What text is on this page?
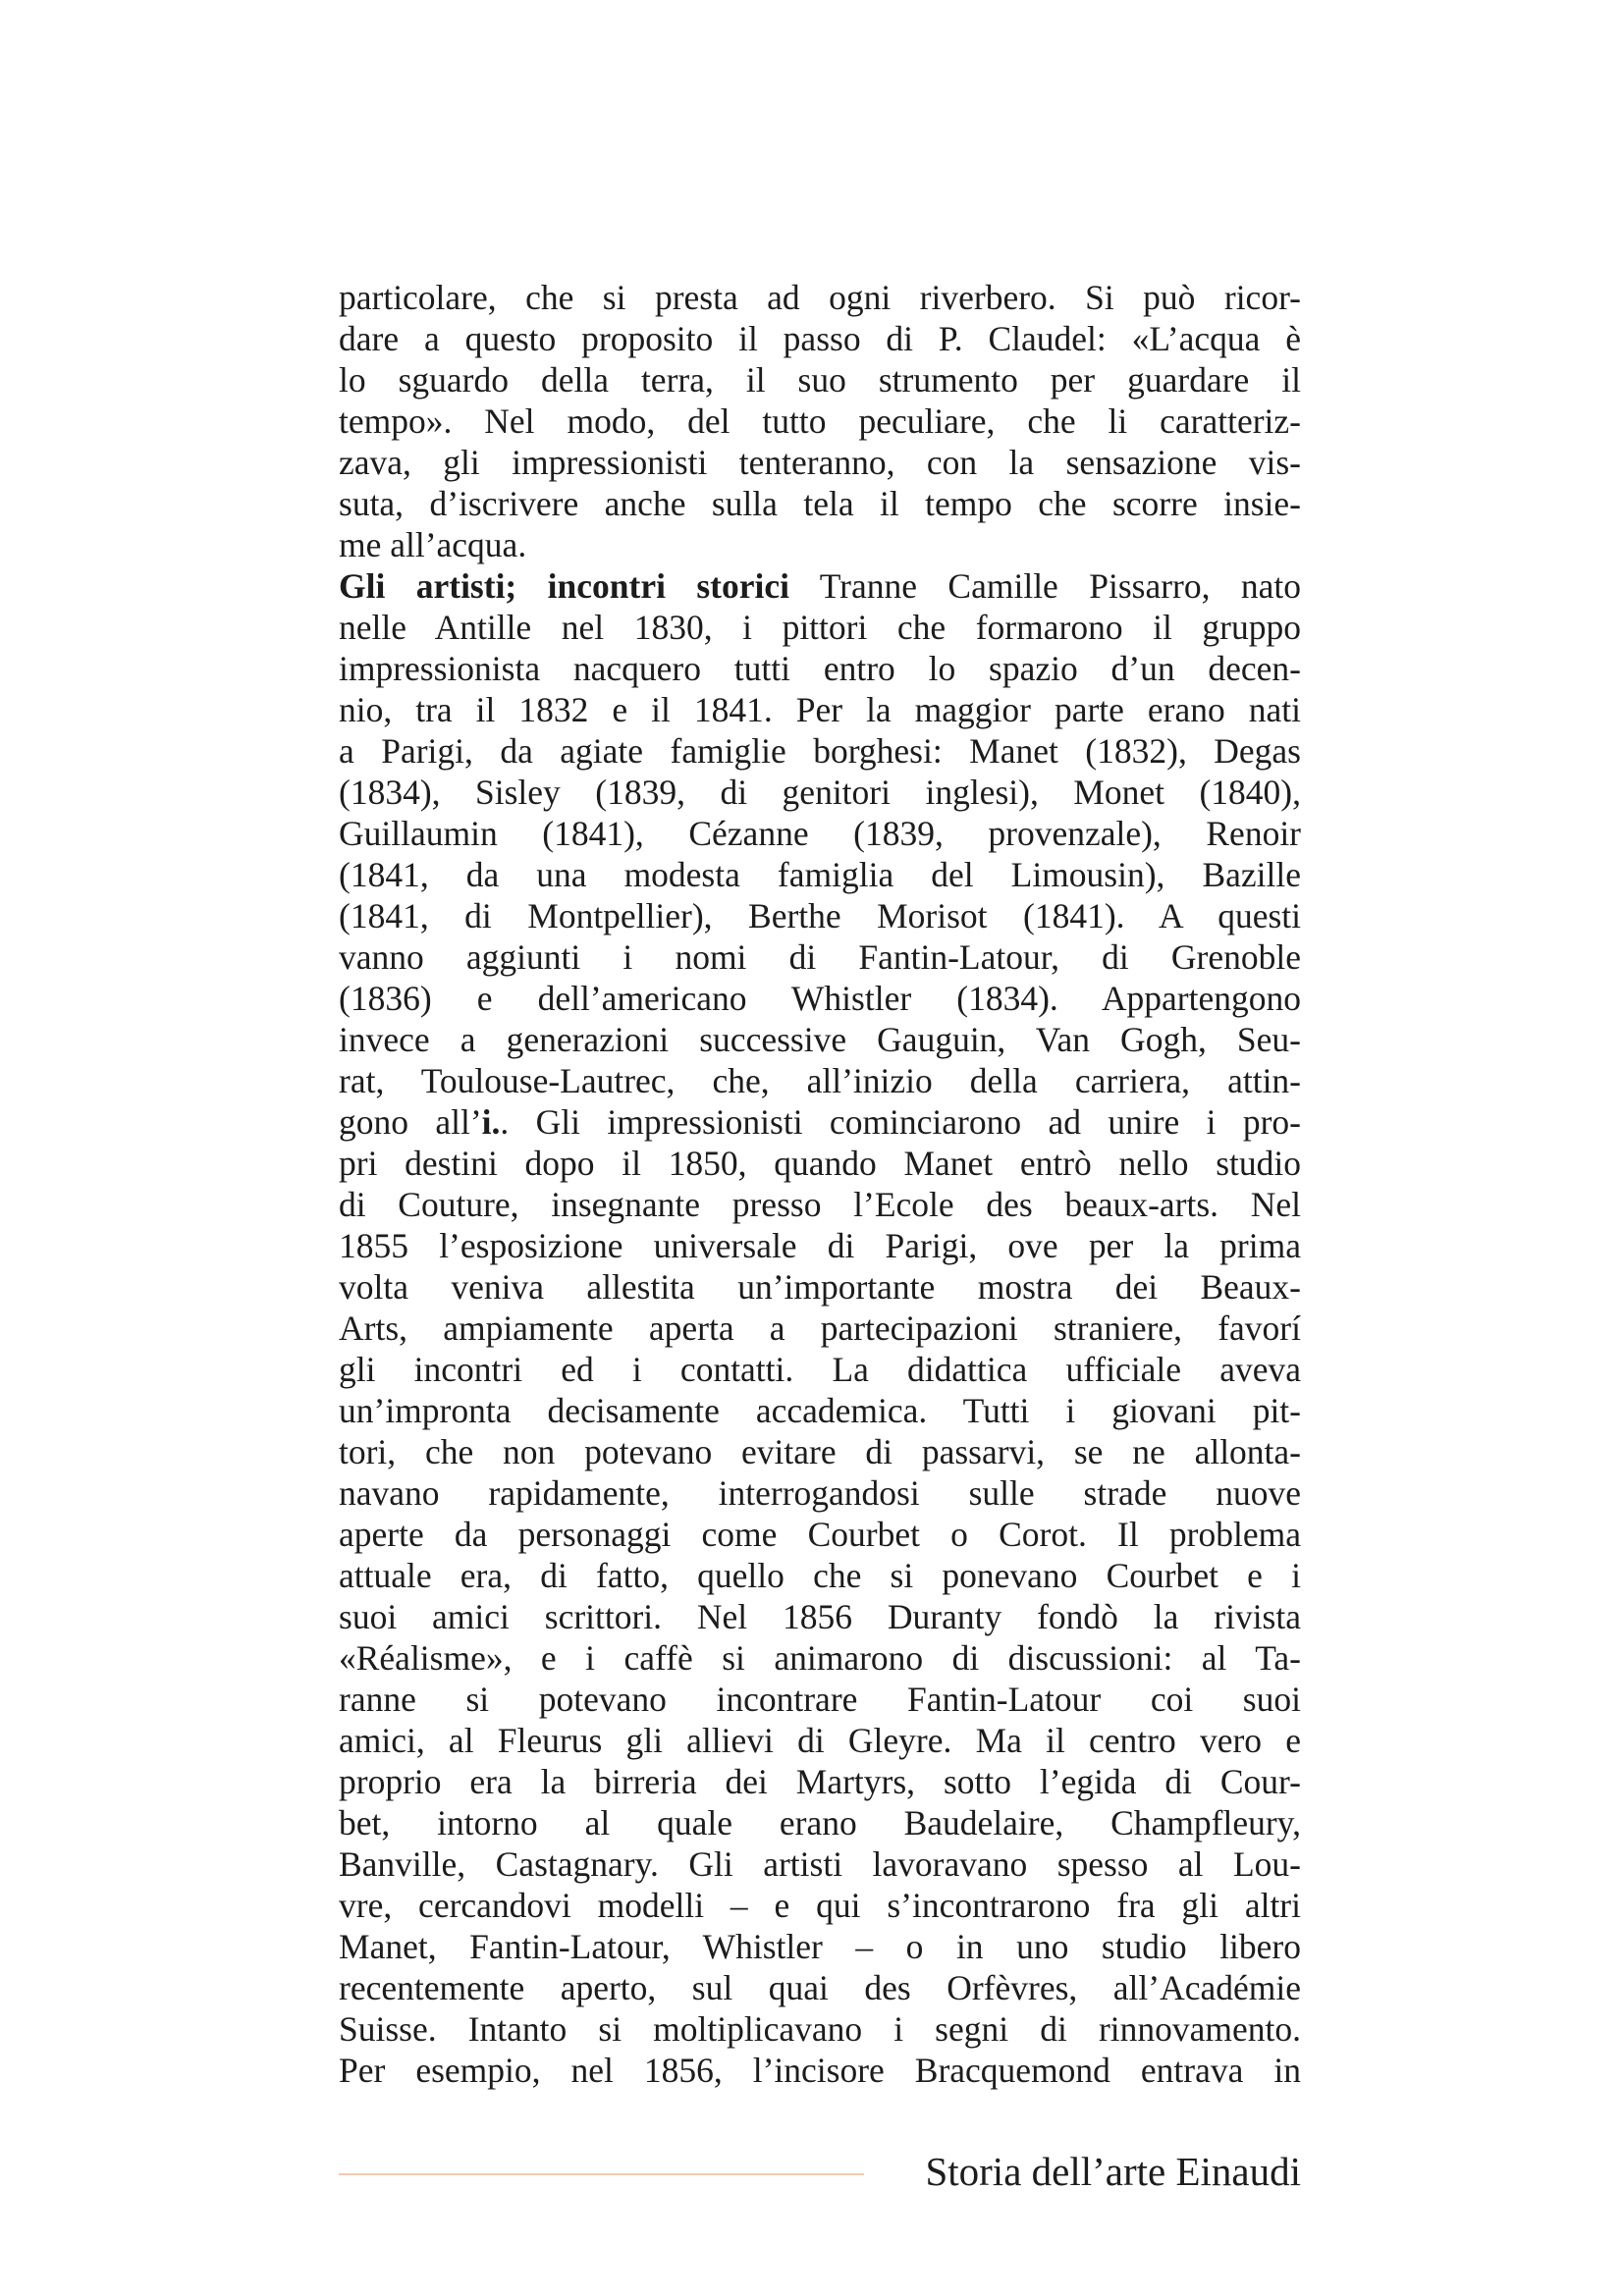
particolare, che si presta ad ogni riverbero. Si può ricor-
dare a questo proposito il passo di P. Claudel: «L’acqua è
lo sguardo della terra, il suo strumento per guardare il
tempo». Nel modo, del tutto peculiare, che li caratteriz-
zava, gli impressionisti tenteranno, con la sensazione vis-
suta, d’iscrivere anche sulla tela il tempo che scorre insie-
me all’acqua.
Gli artisti; incontri storici Tranne Camille Pissarro, nato
nelle Antille nel 1830, i pittori che formarono il gruppo
impressionista nacquero tutti entro lo spazio d’un decen-
nio, tra il 1832 e il 1841. Per la maggior parte erano nati
a Parigi, da agiate famiglie borghesi: Manet (1832), Degas
(1834), Sisley (1839, di genitori inglesi), Monet (1840),
Guillaumin (1841), Cézanne (1839, provenzale), Renoir
(1841, da una modesta famiglia del Limousin), Bazille
(1841, di Montpellier), Berthe Morisot (1841). A questi
vanno aggiunti i nomi di Fantin-Latour, di Grenoble
(1836) e dell’americano Whistler (1834). Appartengono
invece a generazioni successive Gauguin, Van Gogh, Seu-
rat, Toulouse-Lautrec, che, all’inizio della carriera, attin-
gono all’i.. Gli impressionisti cominciarono ad unire i pro-
pri destini dopo il 1850, quando Manet entrò nello studio
di Couture, insegnante presso l’Ecole des beaux-arts. Nel
1855 l’esposizione universale di Parigi, ove per la prima
volta veniva allestita un’importante mostra dei Beaux-
Arts, ampiamente aperta a partecipazioni straniere, favorí
gli incontri ed i contatti. La didattica ufficiale aveva
un’impronta decisamente accademica. Tutti i giovani pit-
tori, che non potevano evitare di passarvi, se ne allonta-
navano rapidamente, interrogandosi sulle strade nuove
aperte da personaggi come Courbet o Corot. Il problema
attuale era, di fatto, quello che si ponevano Courbet e i
suoi amici scrittori. Nel 1856 Duranty fondò la rivista
«Réalisme», e i caffè si animarono di discussioni: al Ta-
ranne si potevano incontrare Fantin-Latour coi suoi
amici, al Fleurus gli allievi di Gleyre. Ma il centro vero e
proprio era la birreria dei Martyrs, sotto l’egida di Cour-
bet, intorno al quale erano Baudelaire, Champfleury,
Banville, Castagnary. Gli artisti lavoravano spesso al Lou-
vre, cercandovi modelli – e qui s’incontrarono fra gli altri
Manet, Fantin-Latour, Whistler – o in uno studio libero
recentemente aperto, sul quai des Orfèvres, all’Académie
Suisse. Intanto si moltiplicavano i segni di rinnovamento.
Per esempio, nel 1856, l’incisore Bracquemond entrava in
Storia dell’arte Einaudi
